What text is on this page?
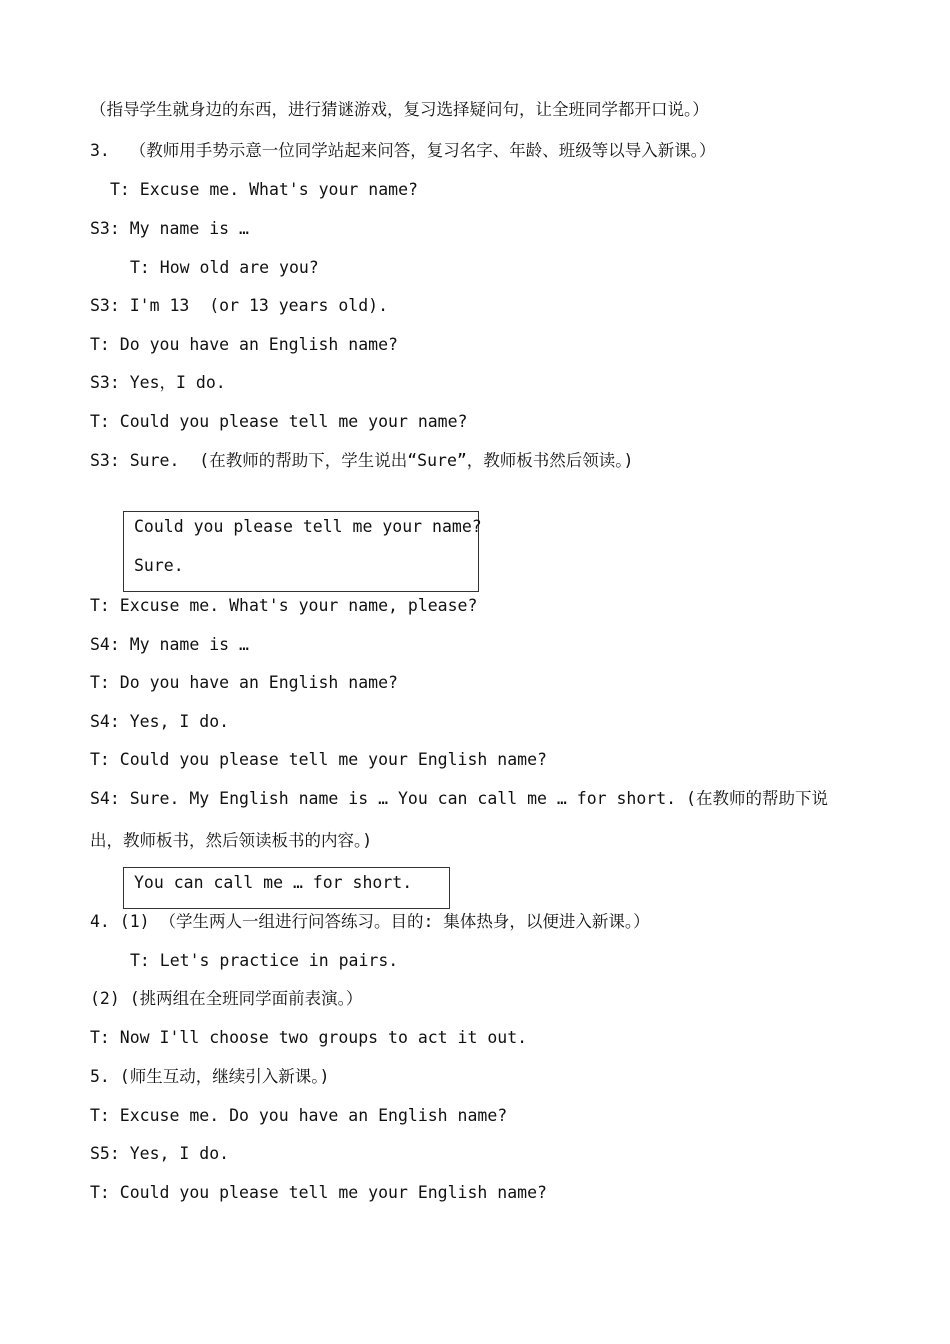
（指导学生就身边的东西，进行猜谜游戏，复习选择疑问句，让全班同学都开口说。）
3.  （教师用手势示意一位同学站起来问答，复习名字、年龄、班级等以导入新课。）
T: Excuse me. What's your name?
S3: My name is …
T: How old are you?
S3: I'm 13  (or 13 years old).
T: Do you have an English name?
S3: Yes，I do.
T: Could you please tell me your name?
S3: Sure.  (在教师的帮助下，学生说出“Sure”，教师板书然后领读。)
Could you please tell me your name?
Sure.
T: Excuse me. What's your name, please?
S4: My name is …
T: Do you have an English name?
S4: Yes, I do.
T: Could you please tell me your English name?
S4: Sure. My English name is … You can call me … for short. (在教师的帮助下说
出，教师板书，然后领读板书的内容。)
You can call me … for short.
4. (1) （学生两人一组进行问答练习。目的: 集体热身，以便进入新课。）
T: Let's practice in pairs.
(2) (挑两组在全班同学面前表演。）
T: Now I'll choose two groups to act it out.
5. (师生互动，继续引入新课。)
T: Excuse me. Do you have an English name?
S5: Yes, I do.
T: Could you please tell me your English name?
